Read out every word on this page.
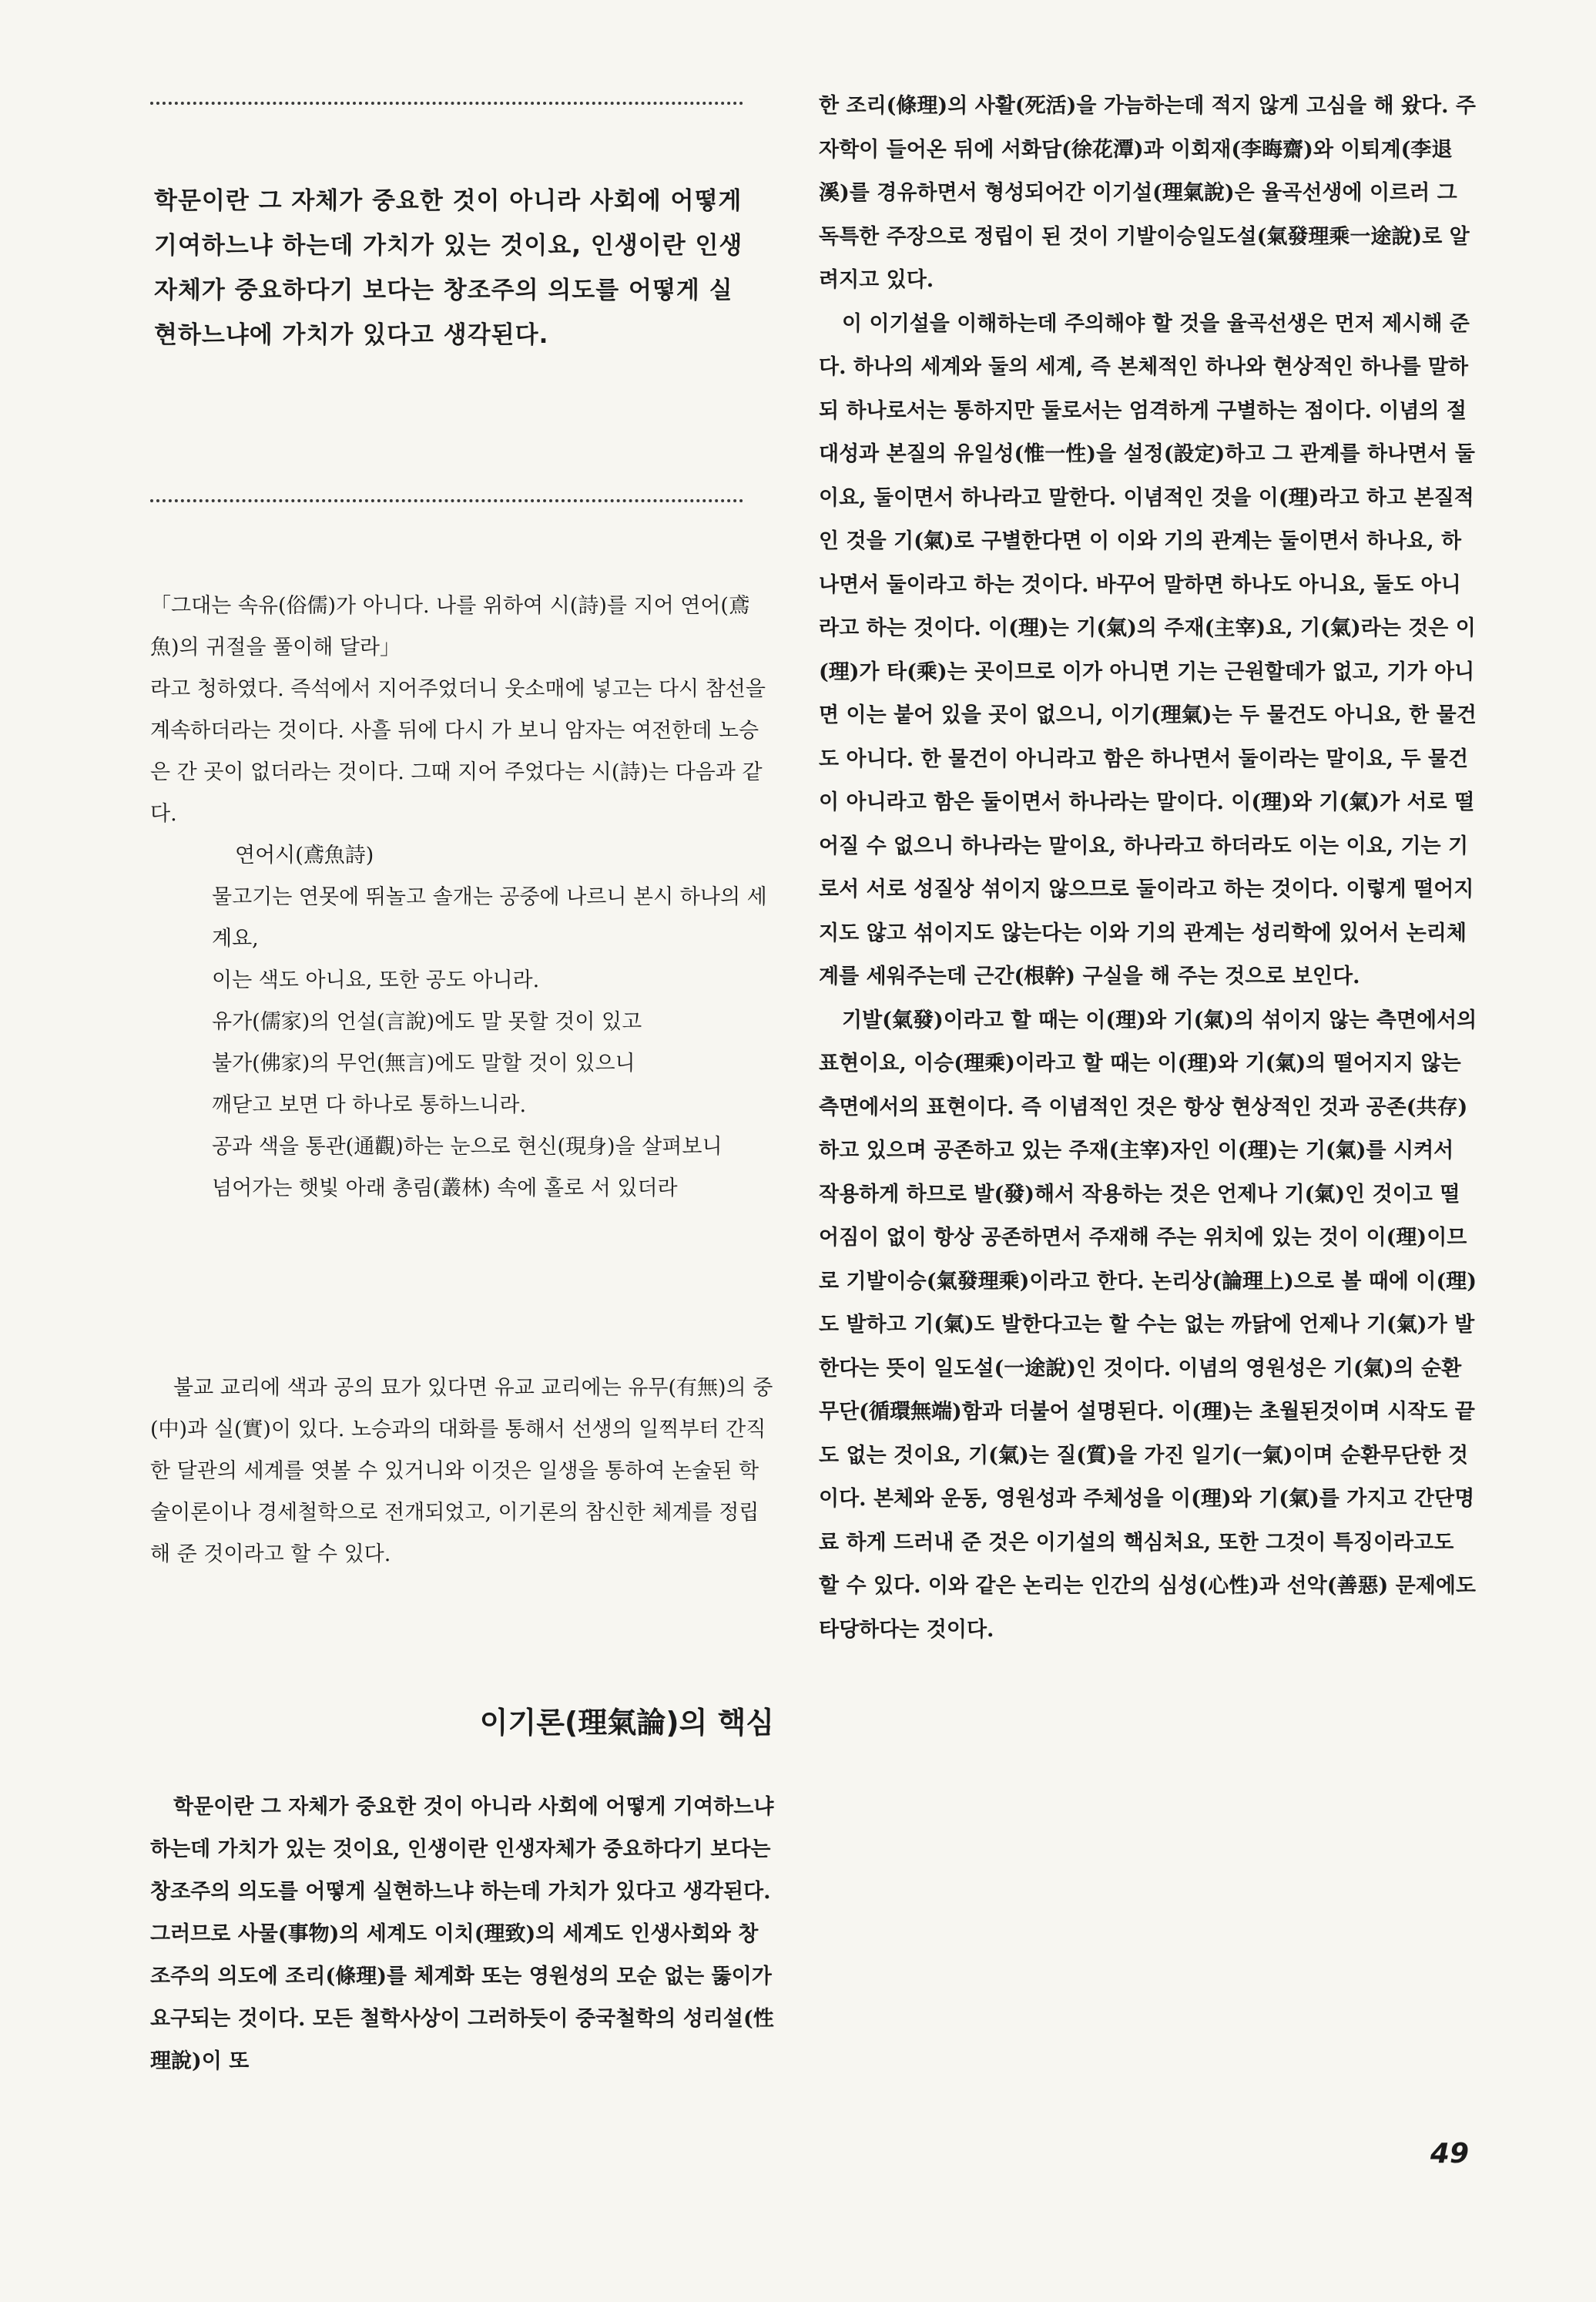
학문이란 그 자체가 중요한 것이 아니라 사회에 어떻게 기여하느냐 하는데 가치가 있는 것이요, 인생이란 인생자체가 중요하다기 보다는 창조주의 의도를 어떻게 실현하느냐에 가치가 있다고 생각된다.

「그대는 속유(俗儒)가 아니다. 나를 위하여 시(詩)를 지어 연어(鳶魚)의 귀절을 풀이해 달라」

라고 청하였다. 즉석에서 지어주었더니 웃소매에 넣고는 다시 참선을 계속하더라는 것이다. 사흘 뒤에 다시 가 보니 암자는 여전한데 노승은 간 곳이 없더라는 것이다. 그때 지어 주었다는 시(詩)는 다음과 같다.

연어시(鳶魚詩)

물고기는 연못에 뛰놀고 솔개는 공중에 나르니 본시 하나의 세계요,

이는 색도 아니요, 또한 공도 아니라.

유가(儒家)의 언설(言說)에도 말 못할 것이 있고

불가(佛家)의 무언(無言)에도 말할 것이 있으니

깨닫고 보면 다 하나로 통하느니라.

공과 색을 통관(通觀)하는 눈으로 현신(現身)을 살펴보니

넘어가는 햇빛 아래 총림(叢林) 속에 홀로 서 있더라

불교 교리에 색과 공의 묘가 있다면 유교 교리에는 유무(有無)의 중(中)과 실(實)이 있다. 노승과의 대화를 통해서 선생의 일찍부터 간직한 달관의 세계를 엿볼 수 있거니와 이것은 일생을 통하여 논술된 학술이론이나 경세철학으로 전개되었고, 이기론의 참신한 체계를 정립해 준 것이라고 할 수 있다.

이기론(理氣論)의 핵심

학문이란 그 자체가 중요한 것이 아니라 사회에 어떻게 기여하느냐 하는데 가치가 있는 것이요, 인생이란 인생자체가 중요하다기 보다는 창조주의 의도를 어떻게 실현하느냐 하는데 가치가 있다고 생각된다. 그러므로 사물(事物)의 세계도 이치(理致)의 세계도 인생사회와 창조주의 의도에 조리(條理)를 체계화 또는 영원성의 모순 없는 뚫이가 요구되는 것이다. 모든 철학사상이 그러하듯이 중국철학의 성리설(性理說)이 또

한 조리(條理)의 사활(死活)을 가늠하는데 적지 않게 고심을 해 왔다. 주자학이 들어온 뒤에 서화담(徐花潭)과 이회재(李晦齋)와 이퇴계(李退溪)를 경유하면서 형성되어간 이기설(理氣說)은 율곡선생에 이르러 그 독특한 주장으로 정립이 된 것이 기발이승일도설(氣發理乘一途說)로 알려지고 있다.

이 이기설을 이해하는데 주의해야 할 것을 율곡선생은 먼저 제시해 준다. 하나의 세계와 둘의 세계, 즉 본체적인 하나와 현상적인 하나를 말하되 하나로서는 통하지만 둘로서는 엄격하게 구별하는 점이다. 이념의 절대성과 본질의 유일성(惟一性)을 설정(設定)하고 그 관계를 하나면서 둘이요, 둘이면서 하나라고 말한다. 이념적인 것을 이(理)라고 하고 본질적인 것을 기(氣)로 구별한다면 이 이와 기의 관계는 둘이면서 하나요, 하나면서 둘이라고 하는 것이다. 바꾸어 말하면 하나도 아니요, 둘도 아니라고 하는 것이다. 이(理)는 기(氣)의 주재(主宰)요, 기(氣)라는 것은 이(理)가 타(乘)는 곳이므로 이가 아니면 기는 근원할데가 없고, 기가 아니면 이는 붙어 있을 곳이 없으니, 이기(理氣)는 두 물건도 아니요, 한 물건도 아니다. 한 물건이 아니라고 함은 하나면서 둘이라는 말이요, 두 물건이 아니라고 함은 둘이면서 하나라는 말이다. 이(理)와 기(氣)가 서로 떨어질 수 없으니 하나라는 말이요, 하나라고 하더라도 이는 이요, 기는 기로서 서로 성질상 섞이지 않으므로 둘이라고 하는 것이다. 이렇게 떨어지지도 않고 섞이지도 않는다는 이와 기의 관계는 성리학에 있어서 논리체계를 세워주는데 근간(根幹) 구실을 해 주는 것으로 보인다.

기발(氣發)이라고 할 때는 이(理)와 기(氣)의 섞이지 않는 측면에서의 표현이요, 이승(理乘)이라고 할 때는 이(理)와 기(氣)의 떨어지지 않는 측면에서의 표현이다. 즉 이념적인 것은 항상 현상적인 것과 공존(共存)하고 있으며 공존하고 있는 주재(主宰)자인 이(理)는 기(氣)를 시켜서 작용하게 하므로 발(發)해서 작용하는 것은 언제나 기(氣)인 것이고 떨어짐이 없이 항상 공존하면서 주재해 주는 위치에 있는 것이 이(理)이므로 기발이승(氣發理乘)이라고 한다. 논리상(論理上)으로 볼 때에 이(理)도 발하고 기(氣)도 발한다고는 할 수는 없는 까닭에 언제나 기(氣)가 발한다는 뜻이 일도설(一途說)인 것이다. 이념의 영원성은 기(氣)의 순환무단(循環無端)함과 더불어 설명된다. 이(理)는 초월된것이며 시작도 끝도 없는 것이요, 기(氣)는 질(質)을 가진 일기(一氣)이며 순환무단한 것이다. 본체와 운동, 영원성과 주체성을 이(理)와 기(氣)를 가지고 간단명료 하게 드러내 준 것은 이기설의 핵심처요, 또한 그것이 특징이라고도 할 수 있다. 이와 같은 논리는 인간의 심성(心性)과 선악(善惡) 문제에도 타당하다는 것이다.

49
